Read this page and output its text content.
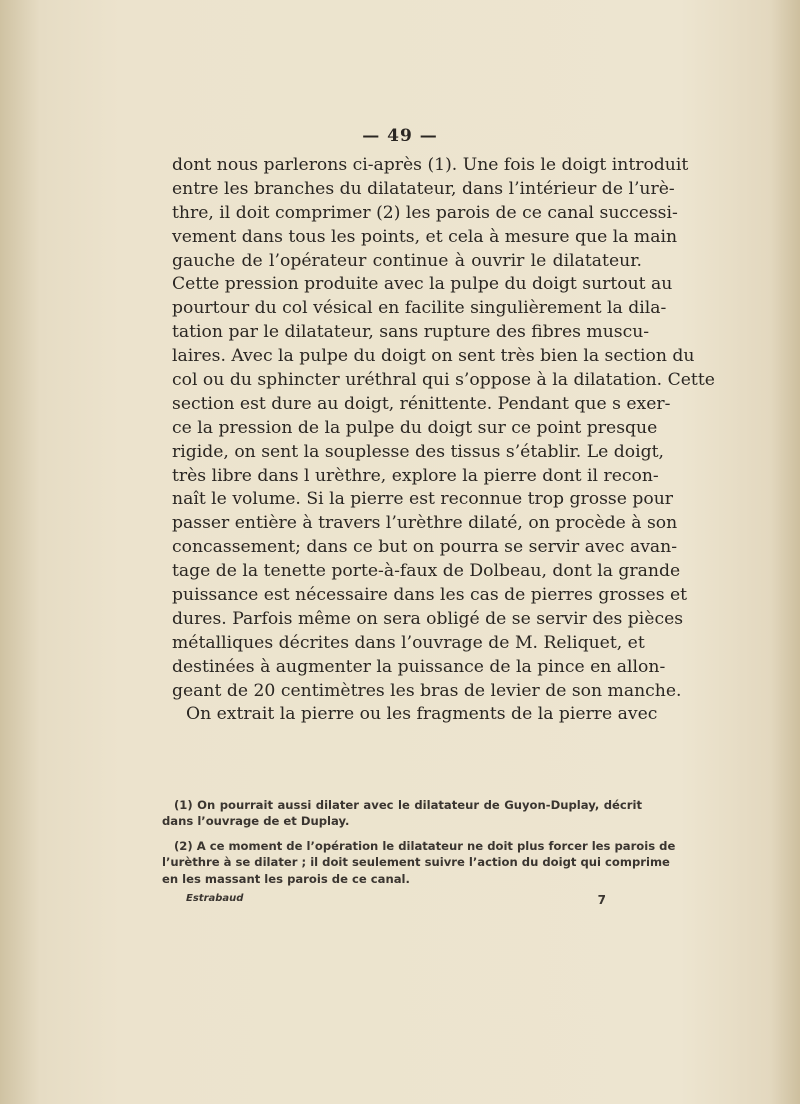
— 49 —
dont nous parlerons ci-après (1). Une fois le doigt introduit
entre les branches du dilatateur, dans l’intérieur de l’urè-
thre, il doit comprimer (2) les parois de ce canal successi-
vement dans tous les points, et cela à mesure que la main
gauche de l’opérateur continue à ouvrir le dilatateur.
Cette pression produite avec la pulpe du doigt surtout au
pourtour du col vésical en facilite singulièrement la dila-
tation par le dilatateur, sans rupture des fibres muscu-
laires. Avec la pulpe du doigt on sent très bien la section du
col ou du sphincter uréthral qui s’oppose à la dilatation. Cette
section est dure au doigt, rénittente. Pendant que s exer-
ce la pression de la pulpe du doigt sur ce point presque
rigide, on sent la souplesse des tissus s’établir. Le doigt,
très libre dans l urèthre, explore la pierre dont il recon-
naît le volume. Si la pierre est reconnue trop grosse pour
passer entière à travers l’urèthre dilaté, on procède à son
concassement; dans ce but on pourra se servir avec avan-
tage de la tenette porte-à-faux de Dolbeau, dont la grande
puissance est nécessaire dans les cas de pierres grosses et
dures. Parfois même on sera obligé de se servir des pièces
métalliques décrites dans l’ouvrage de M. Reliquet, et
destinées à augmenter la puissance de la pince en allon-
geant de 20 centimètres les bras de levier de son manche.
On extrait la pierre ou les fragments de la pierre avec
(1) On pourrait aussi dilater avec le dilatateur de Guyon-Duplay, décrit
dans l’ouvrage de et Duplay.
(2) A ce moment de l’opération le dilatateur ne doit plus forcer les parois de
l’urèthre à se dilater ; il doit seulement suivre l’action du doigt qui comprime
en les massant les parois de ce canal.
Estrabaud	7
